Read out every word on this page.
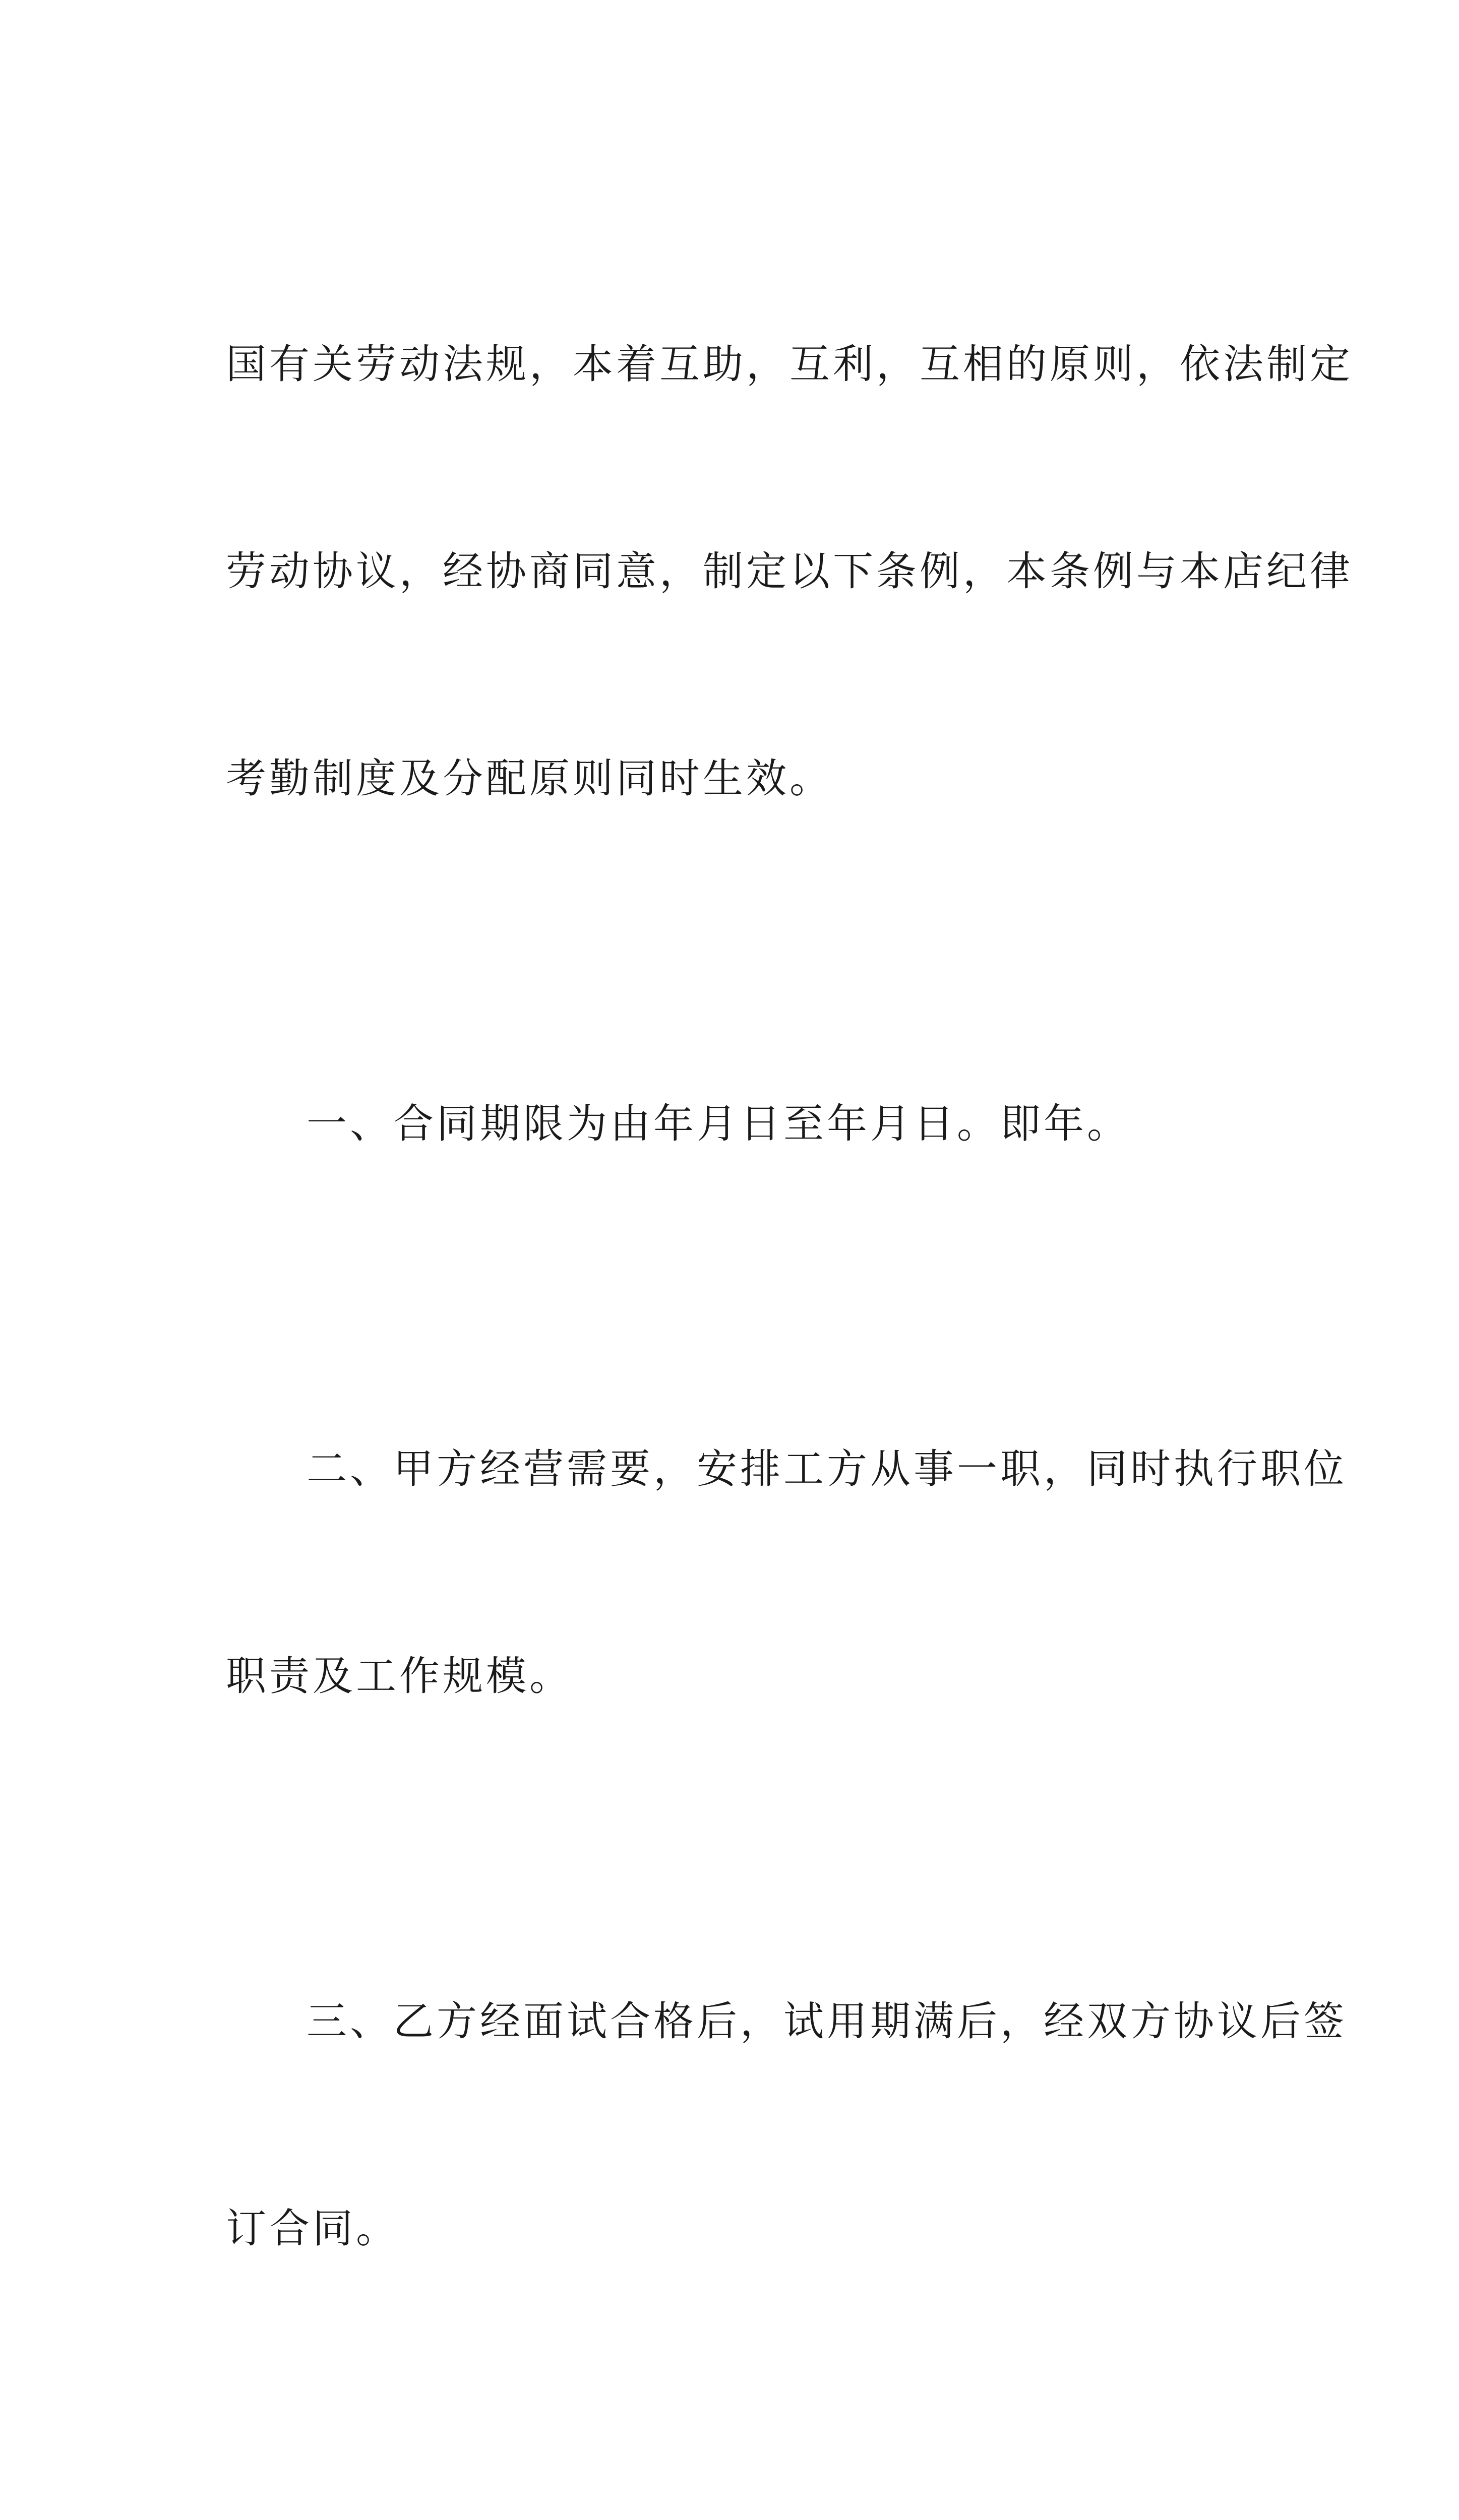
国有关劳动法规，本着互助，互利，互相的原则，依法制定

劳动协议，经协商同意，制定以下条例，本条例与本店纪律

考勤制度及分配原则同时生效。

一、合同期限为由年月日至年月日。即年。

二、甲方经营需要，安排工方从事一职，同时执行职位

职责及工作规模。

三、乙方经面试合格后，试用期满后，经双方协议后签

订合同。
